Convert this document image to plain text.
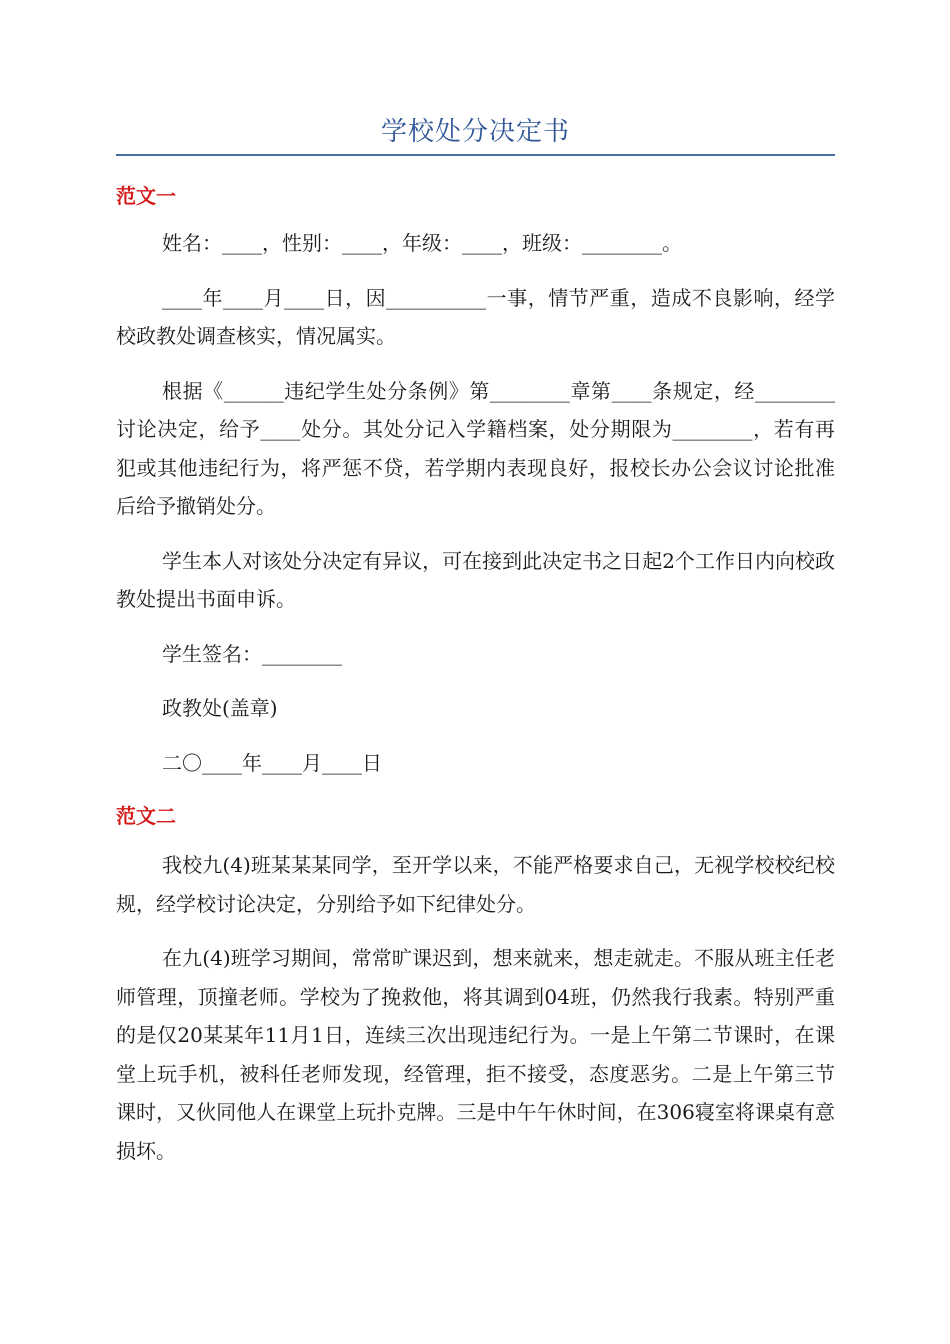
学校处分决定书
范文一

姓名：____，性别：____，年级：____，班级：________。

____年____月____日，因__________一事，情节严重，造成不良影响，经学校政教处调查核实，情况属实。

根据《______违纪学生处分条例》第________章第____条规定，经________讨论决定，给予____处分。其处分记入学籍档案，处分期限为________，若有再犯或其他违纪行为，将严惩不贷，若学期内表现良好，报校长办公会议讨论批准后给予撤销处分。

学生本人对该处分决定有异议，可在接到此决定书之日起2个工作日内向校政教处提出书面申诉。

学生签名：________

政教处(盖章)

二〇____年____月____日

范文二

我校九(4)班某某某同学，至开学以来，不能严格要求自己，无视学校校纪校规，经学校讨论决定，分别给予如下纪律处分。

在九(4)班学习期间，常常旷课迟到，想来就来，想走就走。不服从班主任老师管理，顶撞老师。学校为了挽救他，将其调到04班，仍然我行我素。特别严重的是仅20某某年11月1日，连续三次出现违纪行为。一是上午第二节课时，在课堂上玩手机，被科任老师发现，经管理，拒不接受，态度恶劣。二是上午第三节课时，又伙同他人在课堂上玩扑克牌。三是中午午休时间，在306寝室将课桌有意损坏。
